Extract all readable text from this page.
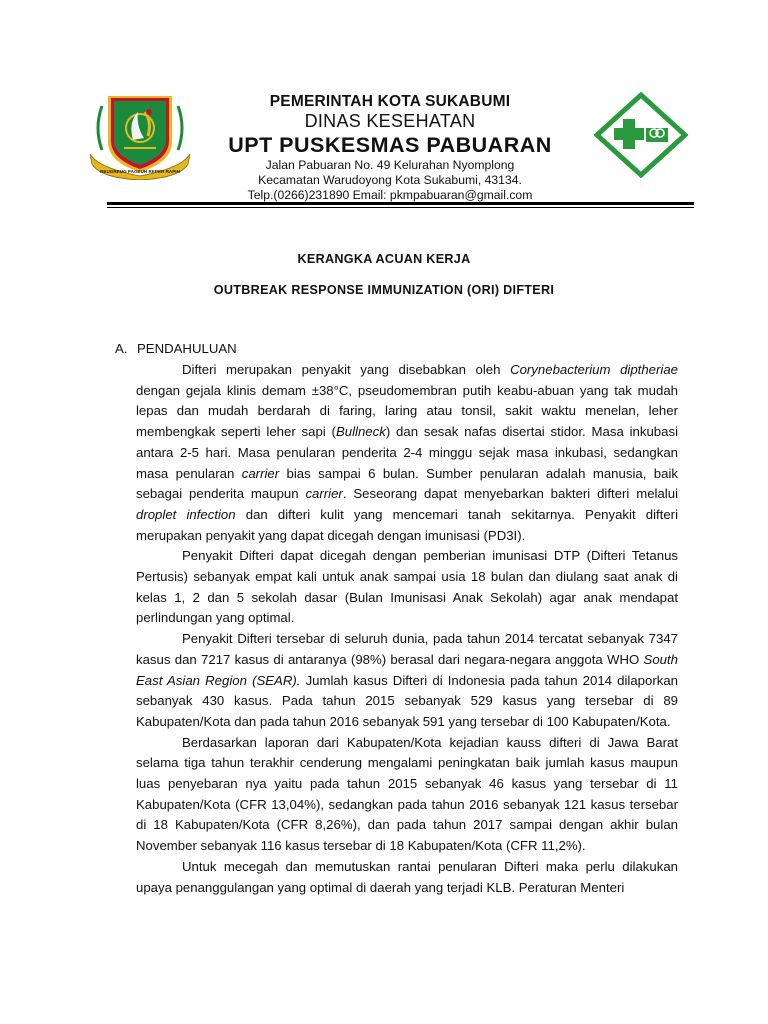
REUGREUG PAGEUH REPEH RAPIH
PEMERINTAH KOTA SUKABUMI
DINAS KESEHATAN
UPT PUSKESMAS PABUARAN
Jalan Pabuaran No. 49 Kelurahan Nyomplong
Kecamatan Warudoyong Kota Sukabumi, 43134.
Telp.(0266)231890 Email: pkmpabuaran@gmail.com
KERANGKA ACUAN KERJA
OUTBREAK RESPONSE IMMUNIZATION (ORI) DIFTERI
A. PENDAHULUAN

Difteri merupakan penyakit yang disebabkan oleh Corynebacterium diptheriae dengan gejala klinis demam ±38°C, pseudomembran putih keabu-abuan yang tak mudah lepas dan mudah berdarah di faring, laring atau tonsil, sakit waktu menelan, leher membengkak seperti leher sapi (Bullneck) dan sesak nafas disertai stidor. Masa inkubasi antara 2-5 hari. Masa penularan penderita 2-4 minggu sejak masa inkubasi, sedangkan masa penularan carrier bias sampai 6 bulan. Sumber penularan adalah manusia, baik sebagai penderita maupun carrier. Seseorang dapat menyebarkan bakteri difteri melalui droplet infection dan difteri kulit yang mencemari tanah sekitarnya. Penyakit difteri merupakan penyakit yang dapat dicegah dengan imunisasi (PD3I).

Penyakit Difteri dapat dicegah dengan pemberian imunisasi DTP (Difteri Tetanus Pertusis) sebanyak empat kali untuk anak sampai usia 18 bulan dan diulang saat anak di kelas 1, 2 dan 5 sekolah dasar (Bulan Imunisasi Anak Sekolah) agar anak mendapat perlindungan yang optimal.

Penyakit Difteri tersebar di seluruh dunia, pada tahun 2014 tercatat sebanyak 7347 kasus dan 7217 kasus di antaranya (98%) berasal dari negara-negara anggota WHO South East Asian Region (SEAR). Jumlah kasus Difteri di Indonesia pada tahun 2014 dilaporkan sebanyak 430 kasus. Pada tahun 2015 sebanyak 529 kasus yang tersebar di 89 Kabupaten/Kota dan pada tahun 2016 sebanyak 591 yang tersebar di 100 Kabupaten/Kota.

Berdasarkan laporan dari Kabupaten/Kota kejadian kauss difteri di Jawa Barat selama tiga tahun terakhir cenderung mengalami peningkatan baik jumlah kasus maupun luas penyebaran nya yaitu pada tahun 2015 sebanyak 46 kasus yang tersebar di 11 Kabupaten/Kota (CFR 13,04%), sedangkan pada tahun 2016 sebanyak 121 kasus tersebar di 18 Kabupaten/Kota (CFR 8,26%), dan pada tahun 2017 sampai dengan akhir bulan November sebanyak 116 kasus tersebar di 18 Kabupaten/Kota (CFR 11,2%).

Untuk mecegah dan memutuskan rantai penularan Difteri maka perlu dilakukan upaya penanggulangan yang optimal di daerah yang terjadi KLB. Peraturan Menteri
